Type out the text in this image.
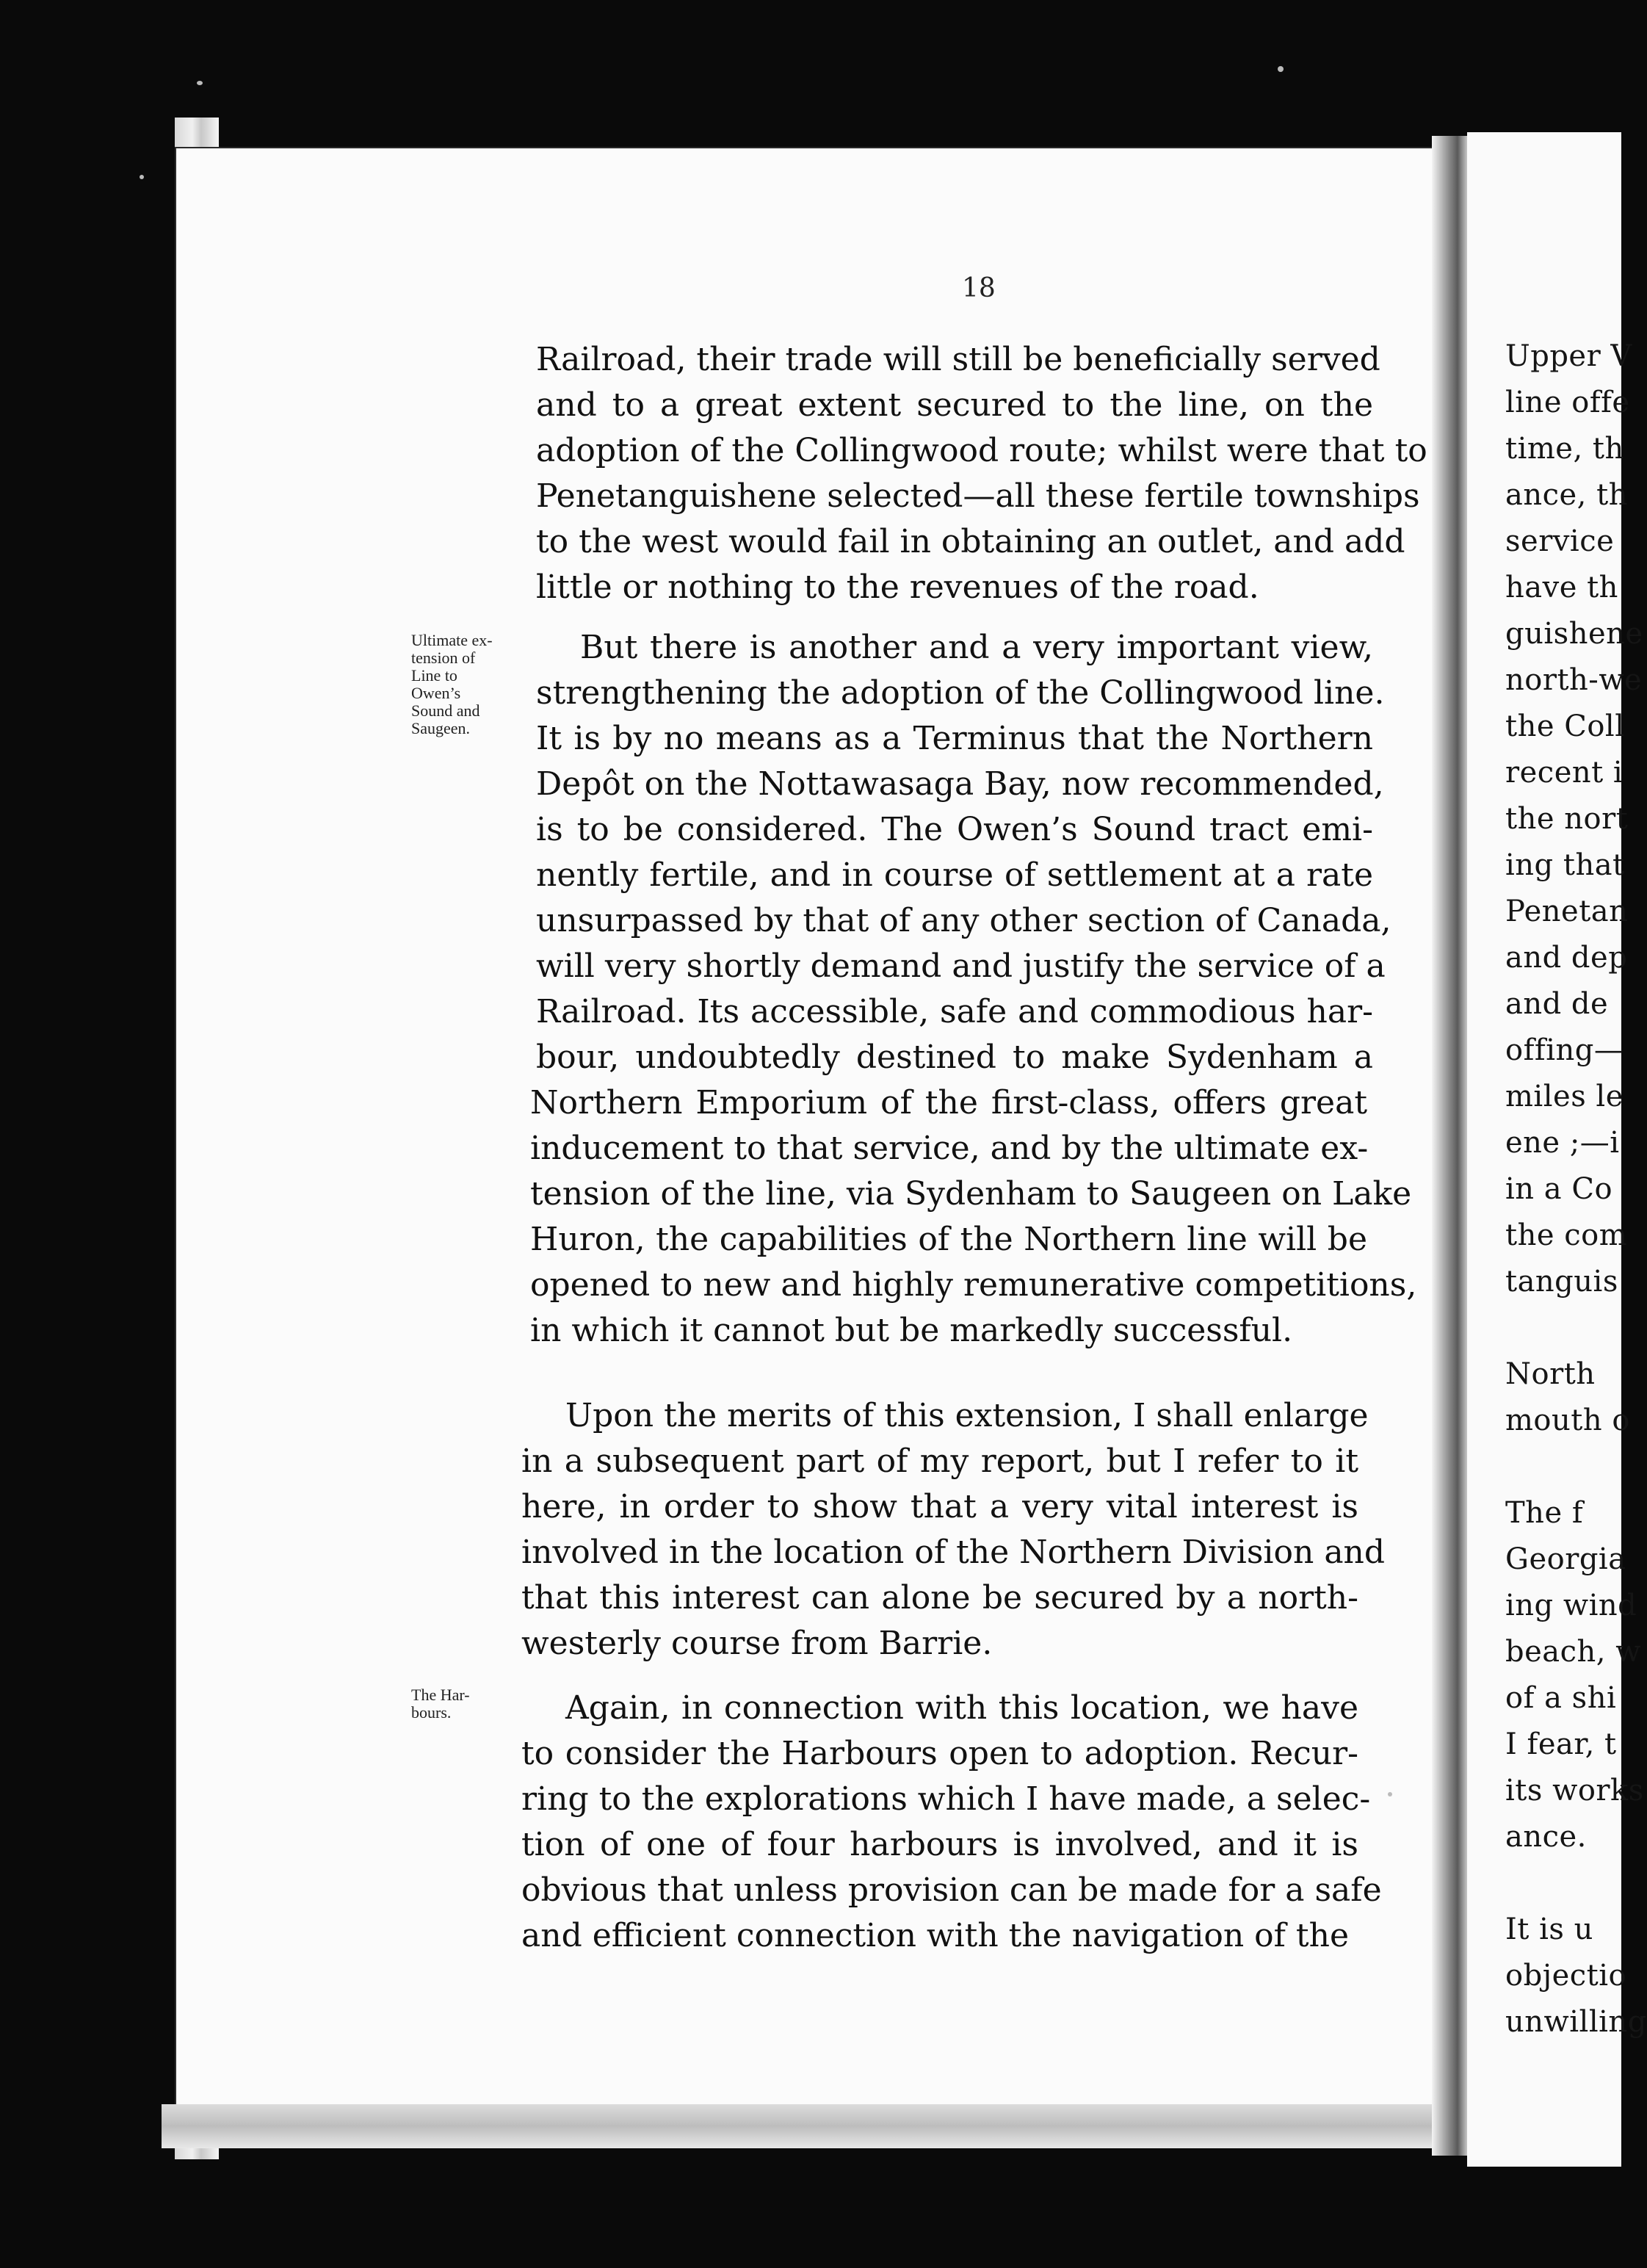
Upper V
line offe
time, th
ance, th
service
have th
guishene
north-we
the Coll
recent i
the nort
ing that
Penetan
and dep
and de
offing—
miles le
ene ;—i
in a Co
the com
tanguis
North
mouth o
The f
Georgia
ing wind
beach, w
of a shi
I fear, t
its works
ance.
It is u
objectio
unwilling
18
Railroad, their trade will still be beneficially served
and to a great extent secured to the line, on the
adoption of the Collingwood route; whilst were that to
Penetanguishene selected—all these fertile townships
to the west would fail in obtaining an outlet, and add
little or nothing to the revenues of the road.
But there is another and a very important view,
strengthening the adoption of the Collingwood line.
It is by no means as a Terminus that the Northern
Depôt on the Nottawasaga Bay, now recommended,
is to be considered. The Owen’s Sound tract emi-
nently fertile, and in course of settlement at a rate
unsurpassed by that of any other section of Canada,
will very shortly demand and justify the service of a
Railroad. Its accessible, safe and commodious har-
bour, undoubtedly destined to make Sydenham a
Northern Emporium of the first-class, offers great
inducement to that service, and by the ultimate ex-
tension of the line, via Sydenham to Saugeen on Lake
Huron, the capabilities of the Northern line will be
opened to new and highly remunerative competitions,
in which it cannot but be markedly successful.
Upon the merits of this extension, I shall enlarge
in a subsequent part of my report, but I refer to it
here, in order to show that a very vital interest is
involved in the location of the Northern Division and
that this interest can alone be secured by a north-
westerly course from Barrie.
Again, in connection with this location, we have
to consider the Harbours open to adoption. Recur-
ring to the explorations which I have made, a selec-
tion of one of four harbours is involved, and it is
obvious that unless provision can be made for a safe
and efficient connection with the navigation of the
Ultimate ex-
tension of
Line to
Owen’s
Sound and
Saugeen.
The Har-
bours.
